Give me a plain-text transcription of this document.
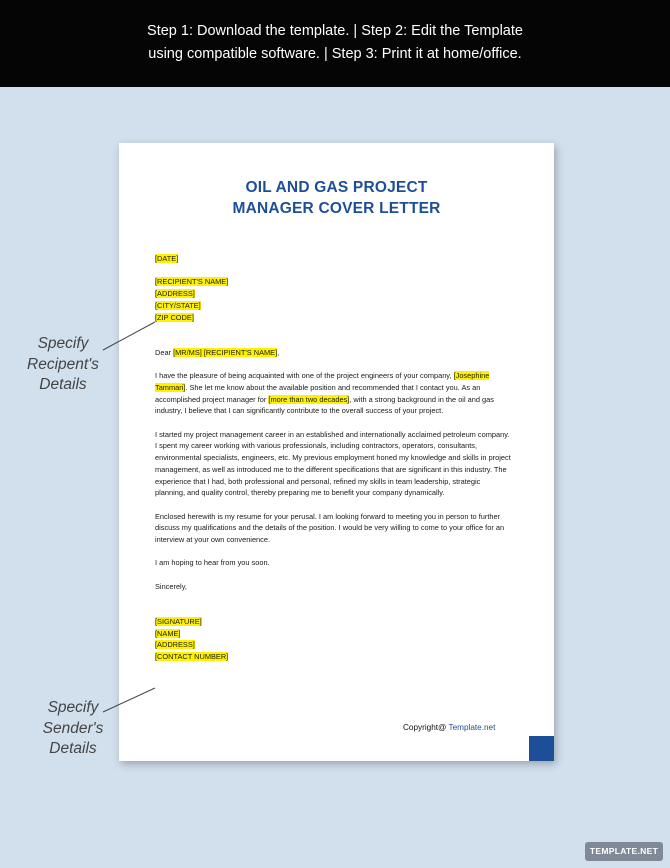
Step 1: Download the template. | Step 2: Edit the Template
using compatible software. | Step 3: Print it at home/office.
OIL AND GAS PROJECT
MANAGER COVER LETTER

[DATE]

[RECIPIENT'S NAME]

[ADDRESS]

[CITY/STATE]

[ZIP CODE]

Dear [MR/MS] [RECIPIENT'S NAME],

I have the pleasure of being acquainted with one of the project engineers of your company, [Josephine Tammari]. She let me know about the available position and recommended that I contact you. As an accomplished project manager for [more than two decades], with a strong background in the oil and gas industry, I believe that I can significantly contribute to the overall success of your project.

I started my project management career in an established and internationally acclaimed petroleum company. I spent my career working with various professionals, including contractors, operators, consultants, environmental specialists, engineers, etc. My previous employment honed my knowledge and skills in project management, as well as introduced me to the different specifications that are significant in this industry. The experience that I had, both professional and personal, refined my skills in team leadership, strategic planning, and quality control, thereby preparing me to benefit your company dynamically.

Enclosed herewith is my resume for your perusal. I am looking forward to meeting you in person to further discuss my qualifications and the details of the position. I would be very willing to come to your office for an interview at your own convenience.

I am hoping to hear from you soon.

Sincerely,

[SIGNATURE]

[NAME]

[ADDRESS]

[CONTACT NUMBER]

Copyright@ Template.net
Specify
Recipent's
Details
Specify
Sender's
Details
TEMPLATE.NET
